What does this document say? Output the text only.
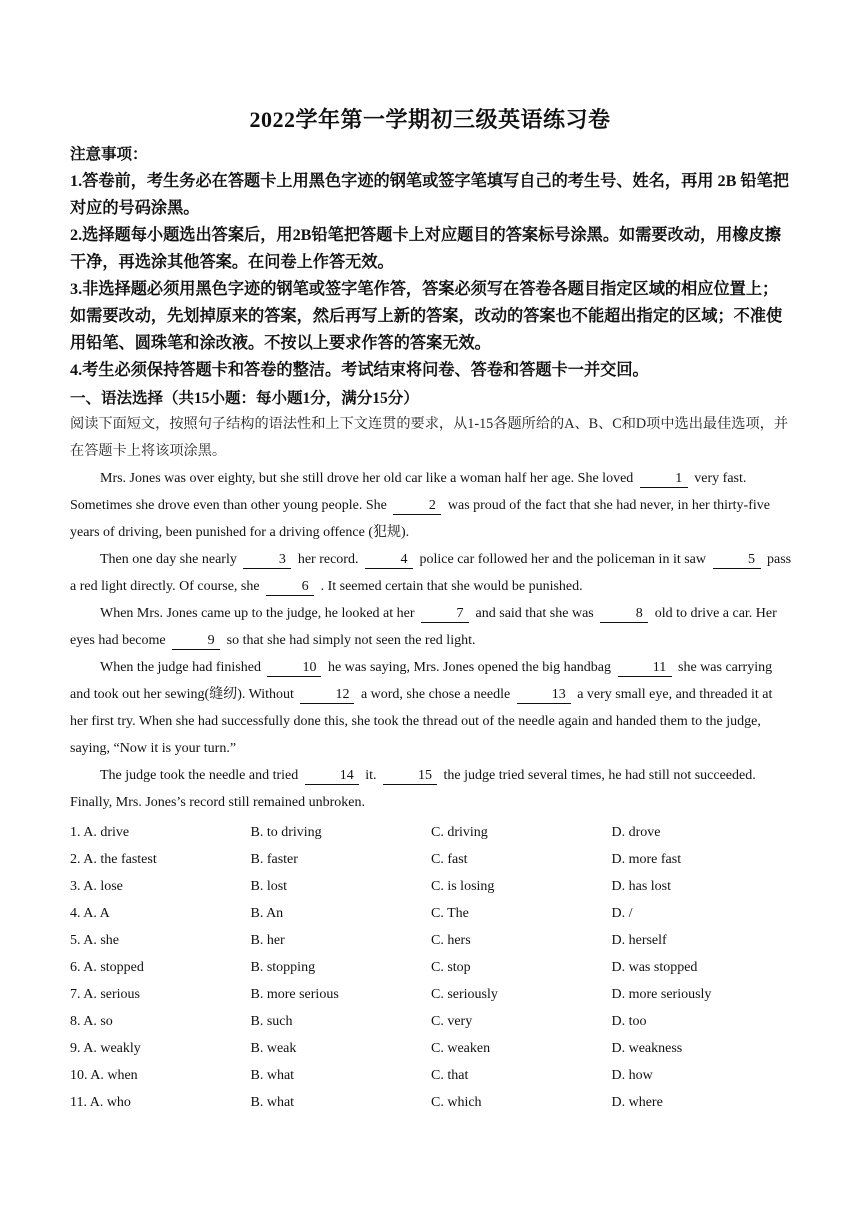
2022学年第一学期初三级英语练习卷
注意事项：
1.答卷前，考生务必在答题卡上用黑色字迹的钢笔或签字笔填写自己的考生号、姓名，再用 2B 铅笔把对应的号码涂黑。
2.选择题每小题选出答案后，用2B铅笔把答题卡上对应题目的答案标号涂黑。如需要改动，用橡皮擦干净，再选涂其他答案。在问卷上作答无效。
3.非选择题必须用黑色字迹的钢笔或签字笔作答，答案必须写在答卷各题目指定区域的相应位置上；如需要改动，先划掉原来的答案，然后再写上新的答案，改动的答案也不能超出指定的区域；不准使用铅笔、圆珠笔和涂改液。不按以上要求作答的答案无效。
4.考生必须保持答题卡和答卷的整洁。考试结束将问卷、答卷和答题卡一并交回。
一、语法选择（共15小题：每小题1分，满分15分）
阅读下面短文，按照句子结构的语法性和上下文连贯的要求，从1-15各题所给的A、B、C和D项中选出最佳选项，并在答题卡上将该项涂黑。

Mrs. Jones was over eighty, but she still drove her old car like a woman half her age. She loved	1 very fast. Sometimes she drove even than other young people. She	2 was proud of the fact that she had never, in her thirty-five years of driving, been punished for a driving offence (犯规).

Then one day she nearly	3 her record.	4 police car followed her and the policeman in it saw	5 pass a red light directly. Of course, she	6 . It seemed certain that she would be punished.

When Mrs. Jones came up to the judge, he looked at her	7 and said that she was	8 old to drive a car. Her eyes had become	9 so that she had simply not seen the red light.

When the judge had finished	10 he was saying, Mrs. Jones opened the big handbag	11 she was carrying and took out her sewing(缝纫). Without	12 a word, she chose a needle	13 a very small eye, and threaded it at her first try. When she had successfully done this, she took the thread out of the needle again and handed them to the judge, saying, “Now it is your turn.”

The judge took the needle and tried	14 it.	15 the judge tried several times, he had still not succeeded. Finally, Mrs. Jones’s record still remained unbroken.

1. A. drive	B. to driving	C. driving	D. drove
2. A. the fastest	B. faster	C. fast	D. more fast
3. A. lose	B. lost	C. is losing	D. has lost
4. A. A	B. An	C. The	D. /
5. A. she	B. her	C. hers	D. herself
6. A. stopped	B. stopping	C. stop	D. was stopped
7. A. serious	B. more serious	C. seriously	D. more seriously
8. A. so	B. such	C. very	D. too
9. A. weakly	B. weak	C. weaken	D. weakness
10. A. when	B. what	C. that	D. how
11. A. who	B. what	C. which	D. where
